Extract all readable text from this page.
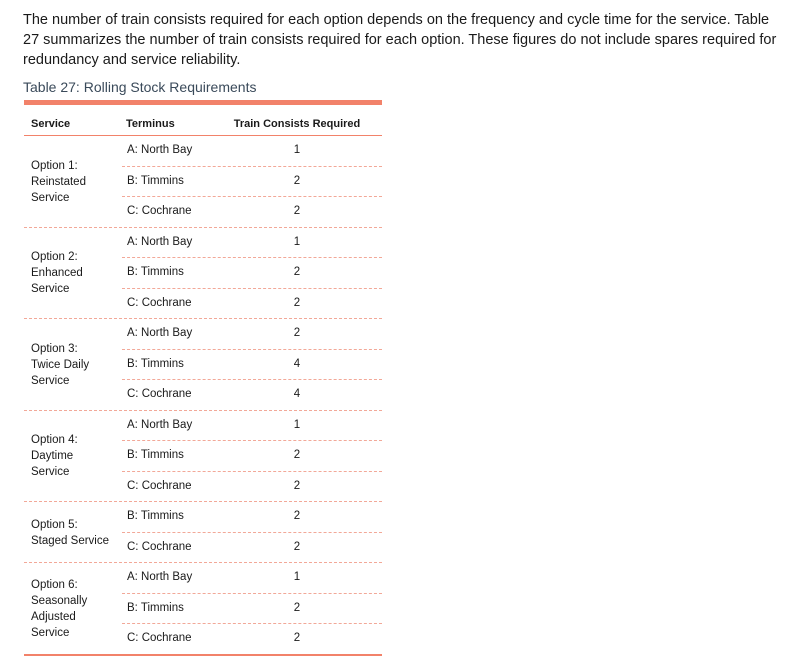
The number of train consists required for each option depends on the frequency and cycle time for the service. Table 27 summarizes the number of train consists required for each option. These figures do not include spares required for redundancy and service reliability.

Table 27: Rolling Stock Requirements

Service	Terminus	Train Consists Required
Option 1:
Reinstated
Service
A: North Bay	1
B: Timmins	2
C: Cochrane	2
Option 2:
Enhanced
Service
A: North Bay	1
B: Timmins	2
C: Cochrane	2
Option 3:
Twice Daily
Service
A: North Bay	2
B: Timmins	4
C: Cochrane	4
Option 4:
Daytime
Service
A: North Bay	1
B: Timmins	2
C: Cochrane	2
Option 5:
Staged Service
B: Timmins	2
C: Cochrane	2
Option 6:
Seasonally
Adjusted
Service
A: North Bay	1
B: Timmins	2
C: Cochrane	2
